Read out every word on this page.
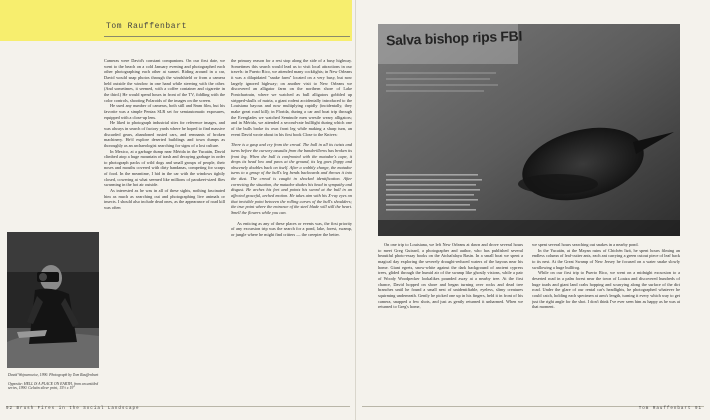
Tom Rauffenbart

Cameras were David's constant companions. On our first date, we went to the beach on a cold January evening and photographed each other photographing each other at sunset. Riding around in a car, David would snap photos through the windshield or from a camera held outside the window in one hand while steering with the other. (And sometimes, it seemed, with a coffee container and cigarette in the third.) He would spend hours in front of the TV, fiddling with the color controls, shooting Polaroids of the images on the screen.

He used any number of cameras, both still and 8mm film, but his favorite was a simple Pentax SLR set for semiautomatic exposures, equipped with a close-up lens.

He liked to photograph industrial sites for reference images, and was always in search of factory yards where he hoped to find massive discarded gears, abandoned rusted cars, and remnants of broken machinery. He'd explore deserted buildings and town dumps as thoroughly as an archaeologist searching for signs of a lost culture.

In Mexico, at a garbage dump near Mérida in the Yucatán, David climbed atop a huge mountain of trash and decaying garbage in order to photograph packs of wild dogs and small groups of people, their noses and mouths covered with dirty bandanas, competing for scraps of food. In the meantime, I hid in the car with the windows tightly closed, cowering at what seemed like millions of parakeet-sized flies swarming in the hot air outside.

As interested as he was in all of these sights, nothing fascinated him as much as searching out and photographing live animals or insects. I should also include dead ones, as the appearance of road kill was often

the primary reason for a rest stop along the side of a busy highway. Sometimes this search would lead us to visit local attractions in our travels: in Puerto Rico, we attended many cockfights; in New Orleans it was a dilapidated "snake farm" located on a very busy, but now largely ignored highway; on another visit to New Orleans we discovered an alligator farm on the northern shore of Lake Pontchartrain, where we watched as bull alligators gobbled up stripped-skulls of nutria, a giant rodent accidentally introduced to the Louisiana bayous and now multiplying rapidly (incidentally, they make great road kill); in Florida, during a car and boat trip through the Everglades we watched Seminole men wrestle weary alligators; and in Mérida, we attended a second-rate bullfight during which one of the bulls broke its own front leg while making a sharp turn, an event David wrote about in his first book Close to the Knives:

There is a gasp and cry from the crowd. The bull in all its twists and turns before the cursory assaults from the banderilleros has broken its front leg. When the bull is confronted with the matador's cape, it drops its head low and paws at the ground, its leg goes floppy and obscenely doubles back on itself. After a wobbly charge, the matador turns to a group of the bull's leg bends backwards and throws it into the dust. The crowd is caught in shocked identification. After correcting the situation, the matador shakes his head in sympathy and disgust. He arches his feet and points his sword at the bull in an affected graceful, arched motion. He takes aim with his X-ray eyes on that invisible point between the rolling curves of the bull's shoulders; the true point where the entrance of the steel blade will still the heart. Smell the flowers while you can.

As enticing as any of these places or events was, the first priority of any excursion trip was the search for a pond, lake, forest, swamp, or jungle where he might find critters — the creepier the better.

David Wojnarowicz, 1990. Photograph by Tom Rauffenbart
Opposite: HELL IS A PLACE ON EARTH, from an untitled series, 1990. Gelatin silver print, 15½ x 19"
92 Brush Fires in the Social Landscape
Salva bishop rips FBI

On one trip to Louisiana, we left New Orleans at dawn and drove several hours to meet Greg Guirard, a photographer and author, who has published several beautiful photo-essay books on the Atchafalaya Basin. In a small boat we spent a magical day exploring the severely drought-reduced waters of the bayous near his home. Giant egrets, snow-white against the dark background of ancient cypress trees, glided through the humid air of the swamp like ghostly visions, while a pair of Woody Woodpecker lookalikes pounded away at a nearby tree. At the first chance, David hopped on shore and began turning over rocks and dead tree branches until he found a small nest of unidentifiable, eyeless, slimy creatures squirming underneath. Gently he picked one up in his fingers, held it in front of his camera, snapped a few shots, and just as gently returned it unharmed. When we returned to Greg's home,

we spent several hours searching out snakes in a nearby pond.

In the Yucatán, at the Mayan ruins of Chichén Itzá, he spent hours filming an endless column of leaf-cutter ants, each ant carrying a green cutout piece of leaf back to its nest. At the Great Swamp of New Jersey he focused on a water snake slowly swallowing a huge bullfrog.

While on our first trip to Puerto Rico, we went on a midnight excursion to a deserted road in a palm forest near the town of Loaiza and discovered hundreds of huge toads and giant land crabs hopping and scurrying along the surface of the dirt road. Under the glare of our rental car's headlights, he photographed whatever he could catch, holding each specimen at arm's length, turning it every which way to get just the right angle for the shot. I don't think I've ever seen him as happy as he was at that moment.

Tom Rauffenbart 91
